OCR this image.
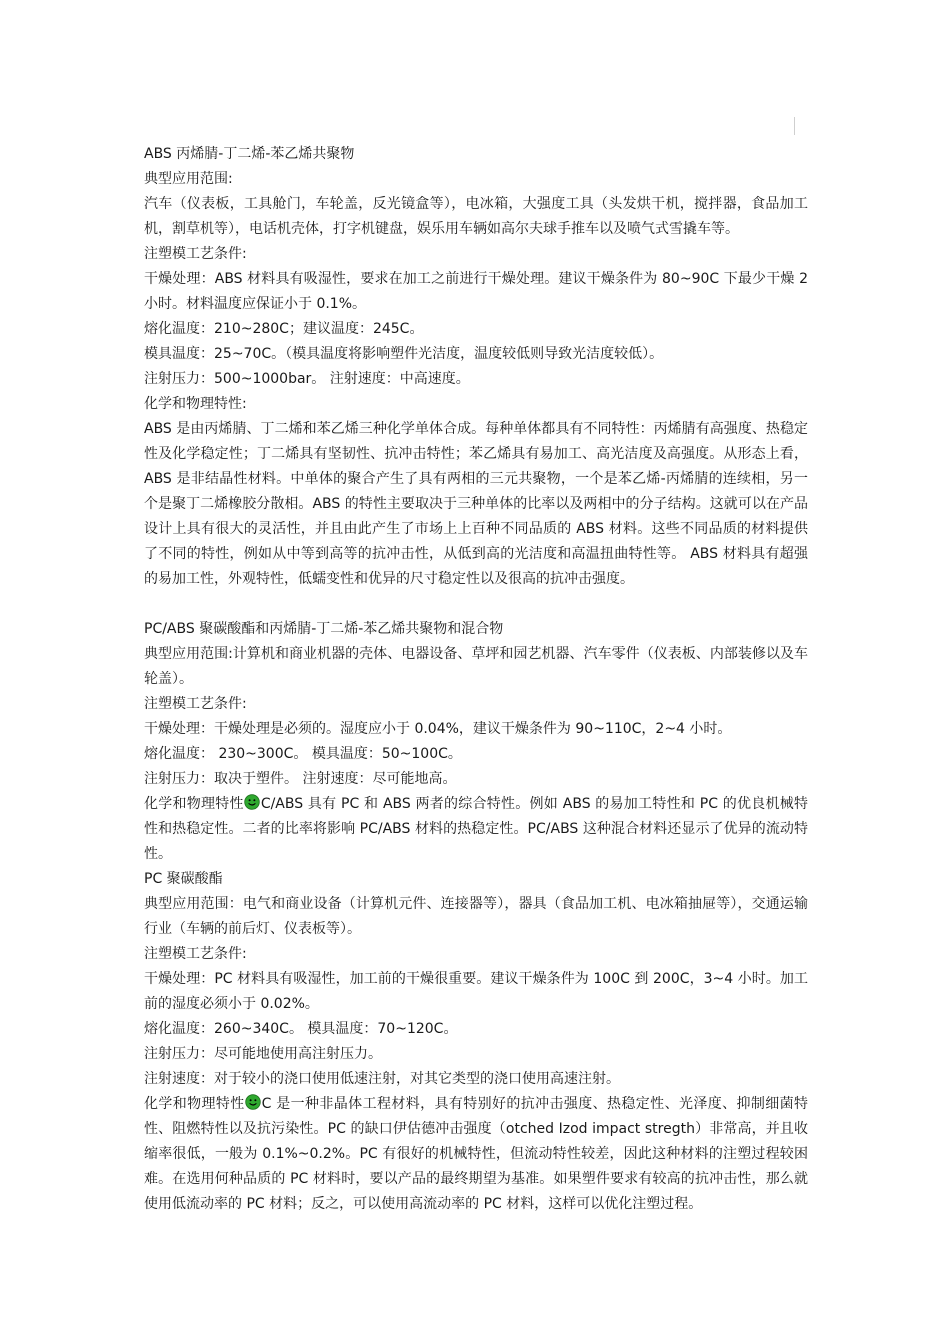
ABS 丙烯腈-丁二烯-苯乙烯共聚物

典型应用范围:

汽车（仪表板，工具舱门，车轮盖，反光镜盒等），电冰箱，大强度工具（头发烘干机，搅拌器，食品加工机，割草机等），电话机壳体，打字机键盘，娱乐用车辆如高尔夫球手推车以及喷气式雪撬车等。

注塑模工艺条件:

干燥处理：ABS 材料具有吸湿性，要求在加工之前进行干燥处理。建议干燥条件为 80~90C 下最少干燥 2 小时。材料温度应保证小于 0.1%。

熔化温度：210~280C；建议温度：245C。

模具温度：25~70C。（模具温度将影响塑件光洁度，温度较低则导致光洁度较低）。

注射压力：500~1000bar。 注射速度：中高速度。

化学和物理特性:

ABS 是由丙烯腈、丁二烯和苯乙烯三种化学单体合成。每种单体都具有不同特性：丙烯腈有高强度、热稳定性及化学稳定性；丁二烯具有坚韧性、抗冲击特性；苯乙烯具有易加工、高光洁度及高强度。从形态上看，ABS 是非结晶性材料。中单体的聚合产生了具有两相的三元共聚物，一个是苯乙烯-丙烯腈的连续相，另一个是聚丁二烯橡胶分散相。ABS 的特性主要取决于三种单体的比率以及两相中的分子结构。这就可以在产品设计上具有很大的灵活性，并且由此产生了市场上上百种不同品质的 ABS 材料。这些不同品质的材料提供了不同的特性，例如从中等到高等的抗冲击性，从低到高的光洁度和高温扭曲特性等。 ABS 材料具有超强的易加工性，外观特性，低蠕变性和优异的尺寸稳定性以及很高的抗冲击强度。

PC/ABS 聚碳酸酯和丙烯腈-丁二烯-苯乙烯共聚物和混合物

典型应用范围:计算机和商业机器的壳体、电器设备、草坪和园艺机器、汽车零件（仪表板、内部装修以及车轮盖）。

注塑模工艺条件:

干燥处理：干燥处理是必须的。湿度应小于 0.04%，建议干燥条件为 90~110C，2~4 小时。

熔化温度： 230~300C。 模具温度：50~100C。

注射压力：取决于塑件。 注射速度：尽可能地高。

化学和物理特性 C/ABS 具有 PC 和 ABS 两者的综合特性。例如 ABS 的易加工特性和 PC 的优良机械特性和热稳定性。二者的比率将影响 PC/ABS 材料的热稳定性。PC/ABS 这种混合材料还显示了优异的流动特性。

PC 聚碳酸酯

典型应用范围：电气和商业设备（计算机元件、连接器等），器具（食品加工机、电冰箱抽屉等），交通运输行业（车辆的前后灯、仪表板等）。

注塑模工艺条件:

干燥处理：PC 材料具有吸湿性，加工前的干燥很重要。建议干燥条件为 100C 到 200C，3~4 小时。加工前的湿度必须小于 0.02%。

熔化温度：260~340C。 模具温度：70~120C。

注射压力：尽可能地使用高注射压力。

注射速度：对于较小的浇口使用低速注射，对其它类型的浇口使用高速注射。

化学和物理特性 C 是一种非晶体工程材料，具有特别好的抗冲击强度、热稳定性、光泽度、抑制细菌特性、阻燃特性以及抗污染性。PC 的缺口伊估德冲击强度（otched Izod impact stregth）非常高，并且收缩率很低，一般为 0.1%~0.2%。PC 有很好的机械特性，但流动特性较差，因此这种材料的注塑过程较困难。在选用何种品质的 PC 材料时，要以产品的最终期望为基准。如果塑件要求有较高的抗冲击性，那么就使用低流动率的 PC 材料；反之，可以使用高流动率的 PC 材料，这样可以优化注塑过程。
